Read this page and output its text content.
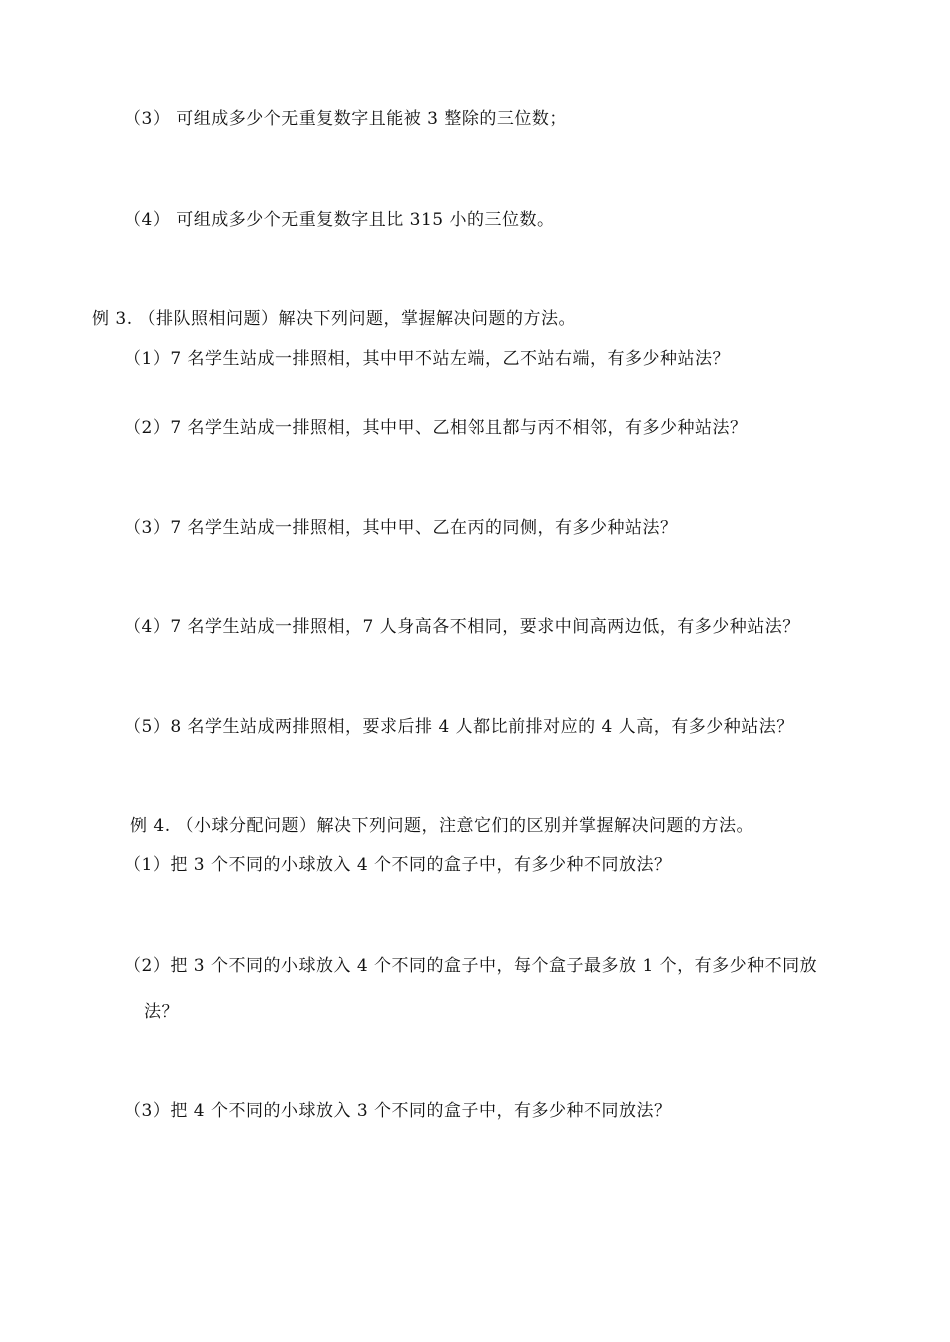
（3） 可组成多少个无重复数字且能被 3 整除的三位数；
（4） 可组成多少个无重复数字且比 315 小的三位数。
例 3. （排队照相问题）解决下列问题，掌握解决问题的方法。
（1）7 名学生站成一排照相，其中甲不站左端，乙不站右端，有多少种站法？
（2）7 名学生站成一排照相，其中甲、乙相邻且都与丙不相邻，有多少种站法？
（3）7 名学生站成一排照相，其中甲、乙在丙的同侧，有多少种站法？
（4）7 名学生站成一排照相，7 人身高各不相同，要求中间高两边低，有多少种站法？
（5）8 名学生站成两排照相，要求后排 4 人都比前排对应的 4 人高，有多少种站法？
例 4. （小球分配问题）解决下列问题，注意它们的区别并掌握解决问题的方法。
（1）把 3 个不同的小球放入 4 个不同的盒子中，有多少种不同放法？
（2）把 3 个不同的小球放入 4 个不同的盒子中，每个盒子最多放 1 个，有多少种不同放
法？
（3）把 4 个不同的小球放入 3 个不同的盒子中，有多少种不同放法？
